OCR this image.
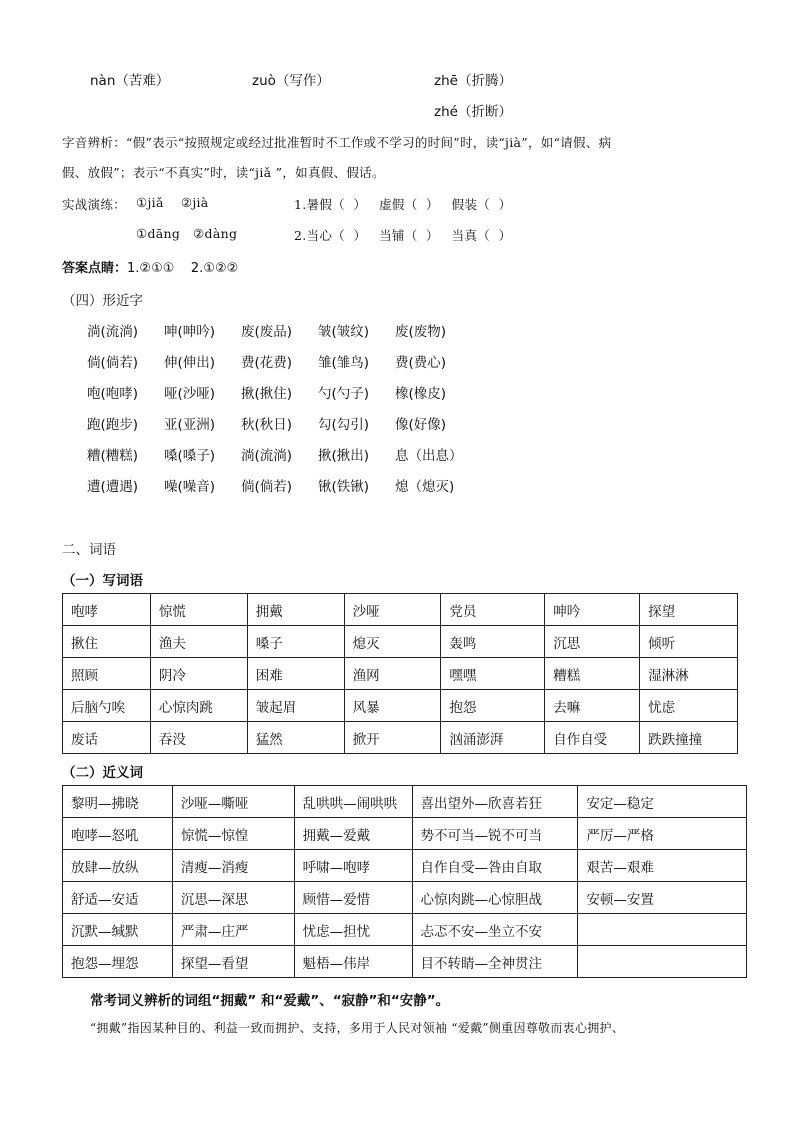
nàn（苦难）	zuò（写作）	zhē（折腾）
zhé（折断）
字音辨析：“假”表示“按照规定或经过批准暂时不工作或不学习的时间”时，读“jià”，如“请假、病
假、放假”；表示“不真实”时，读“jiǎ ”，如真假、假话。
实战演练： ①jiǎ    ②jià	1.暑假（  ）   虚假（  ）   假装（  ）
①dāng   ②dàng	2.当心（  ）   当铺（  ）   当真（  ）
答案点睛：1.②①①    2.①②②
（四）形近字
淌(流淌)	呻(呻吟)	废(废品)	皱(皱纹)	废(废物)
倘(倘若)	伸(伸出)	费(花费)	雏(雏鸟)	费(费心)
咆(咆哮)	哑(沙哑)	揪(揪住)	勺(勺子)	橡(橡皮)
跑(跑步)	亚(亚洲)	秋(秋日)	勾(勾引)	像(好像)
糟(糟糕)	嗓(嗓子)	淌(流淌)	揪(揪出)	息（出息）
遭(遭遇)	噪(噪音)	倘(倘若)	锹(铁锹)	熄（熄灭)
二、词语
（一）写词语
咆哮	惊慌	拥戴	沙哑	党员	呻吟	探望
揪住	渔夫	嗓子	熄灭	轰鸣	沉思	倾听
照顾	阴冷	困难	渔网	嘿嘿	糟糕	湿淋淋
后脑勺唉	心惊肉跳	皱起眉	风暴	抱怨	去嘛	忧虑
废话	吞没	猛然	掀开	汹涌澎湃	自作自受	跌跌撞撞
（二）近义词
黎明—拂晓	沙哑—嘶哑	乱哄哄—闹哄哄	喜出望外—欣喜若狂	安定—稳定
咆哮—怒吼	惊慌—惊惶	拥戴—爱戴	势不可当—锐不可当	严厉—严格
放肆—放纵	清瘦—消瘦	呼啸—咆哮	自作自受—咎由自取	艰苦—艰难
舒适—安适	沉思—深思	顾惜—爱惜	心惊肉跳—心惊胆战	安顿—安置
沉默—缄默	严肃—庄严	忧虑—担忧	忐忑不安—坐立不安	
抱怨—埋怨	探望—看望	魁梧—伟岸	目不转睛—全神贯注	
常考词义辨析的词组“拥戴” 和“爱戴”、“寂静”和“安静”。
“拥戴”指因某种目的、利益一致而拥护、支持，多用于人民对领袖 “爱戴”侧重因尊敬而衷心拥护、
